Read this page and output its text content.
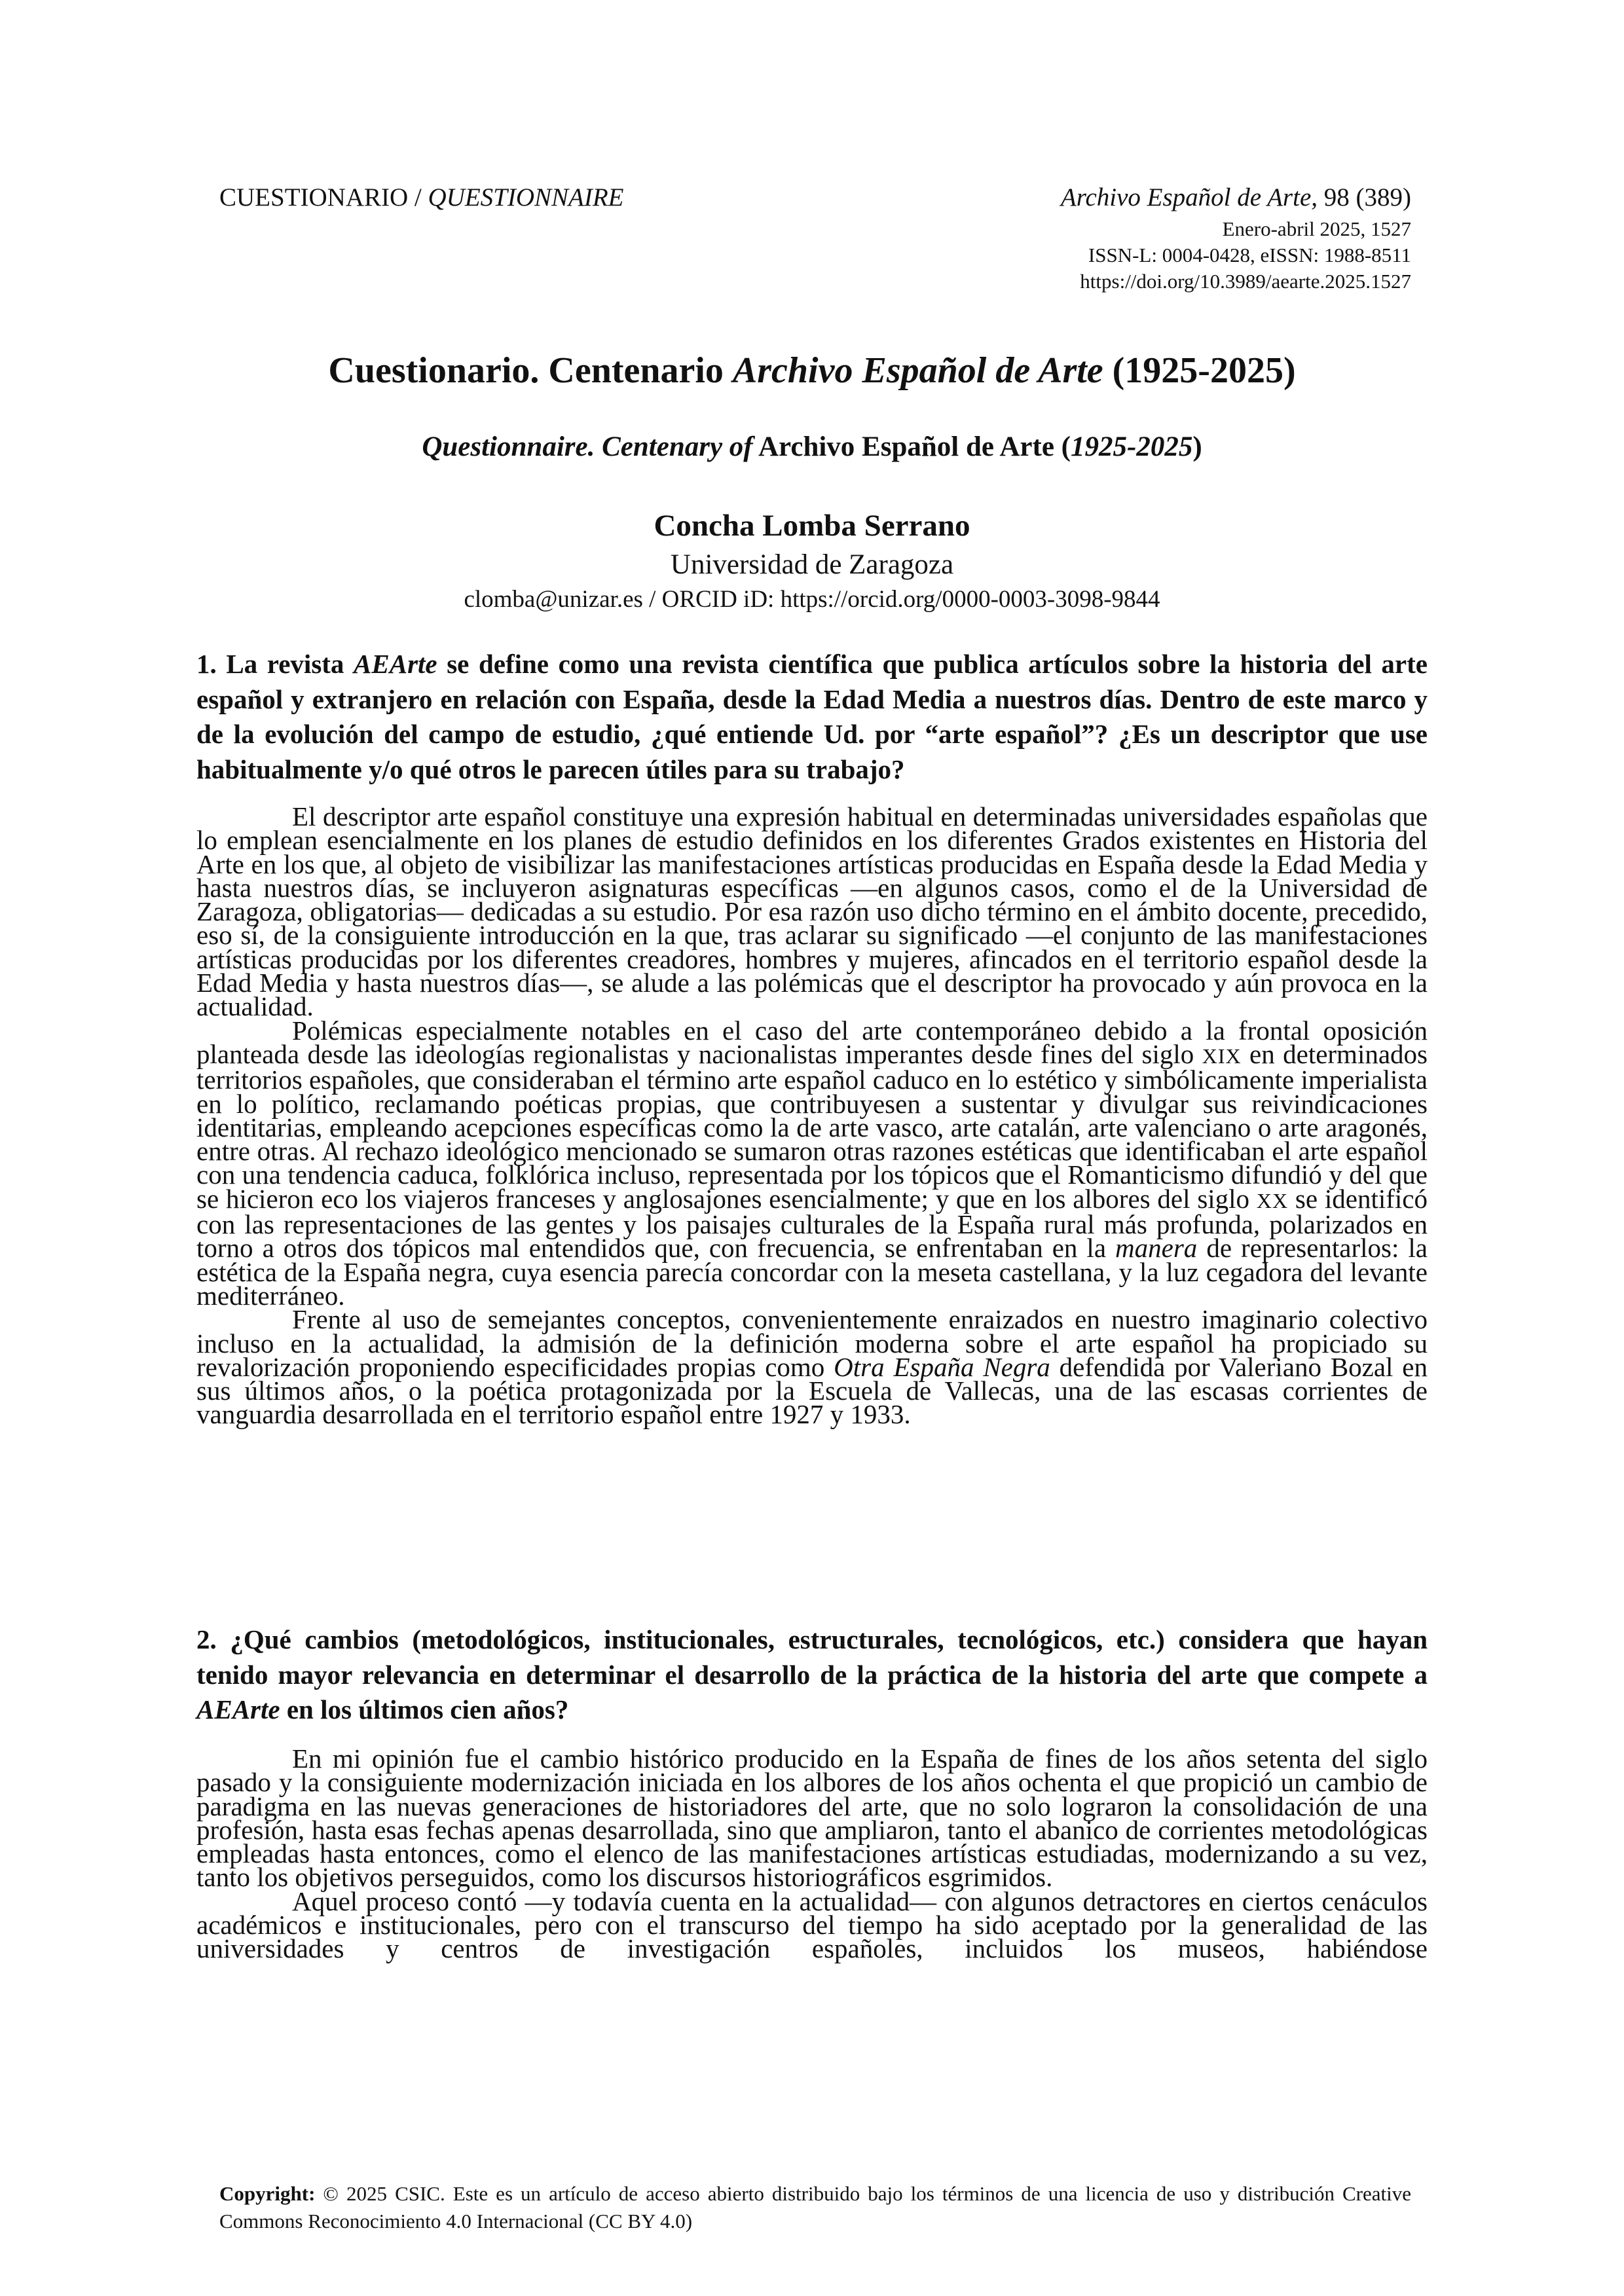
CUESTIONARIO / QUESTIONNAIRE	Archivo Español de Arte, 98 (389)
Enero-abril 2025, 1527
ISSN-L: 0004-0428, eISSN: 1988-8511
https://doi.org/10.3989/aearte.2025.1527
Cuestionario. Centenario Archivo Español de Arte (1925-2025)
Questionnaire. Centenary of Archivo Español de Arte (1925-2025)
Concha Lomba Serrano
Universidad de Zaragoza
clomba@unizar.es / ORCID iD: https://orcid.org/0000-0003-3098-9844
1. La revista AEArte se define como una revista científica que publica artículos sobre la historia del arte español y extranjero en relación con España, desde la Edad Media a nuestros días. Dentro de este marco y de la evolución del campo de estudio, ¿qué entiende Ud. por “arte español”? ¿Es un descriptor que use habitualmente y/o qué otros le parecen útiles para su trabajo?

El descriptor arte español constituye una expresión habitual en determinadas universidades españolas que lo emplean esencialmente en los planes de estudio definidos en los diferentes Grados existentes en Historia del Arte en los que, al objeto de visibilizar las manifestaciones artísticas producidas en España desde la Edad Media y hasta nuestros días, se incluyeron asignaturas específicas —en algunos casos, como el de la Universidad de Zaragoza, obligatorias— dedicadas a su estudio. Por esa razón uso dicho término en el ámbito docente, precedido, eso sí, de la consiguiente introducción en la que, tras aclarar su significado —el conjunto de las manifestaciones artísticas producidas por los diferentes creadores, hombres y mujeres, afincados en el territorio español desde la Edad Media y hasta nuestros días—, se alude a las polémicas que el descriptor ha provocado y aún provoca en la actualidad.

Polémicas especialmente notables en el caso del arte contemporáneo debido a la frontal oposición planteada desde las ideologías regionalistas y nacionalistas imperantes desde fines del siglo XIX en determinados territorios españoles, que consideraban el término arte español caduco en lo estético y simbólicamente imperialista en lo político, reclamando poéticas propias, que contribuyesen a sustentar y divulgar sus reivindicaciones identitarias, empleando acepciones específicas como la de arte vasco, arte catalán, arte valenciano o arte aragonés, entre otras. Al rechazo ideológico mencionado se sumaron otras razones estéticas que identificaban el arte español con una tendencia caduca, folklórica incluso, representada por los tópicos que el Romanticismo difundió y del que se hicieron eco los viajeros franceses y anglosajones esencialmente; y que en los albores del siglo XX se identificó con las representaciones de las gentes y los paisajes culturales de la España rural más profunda, polarizados en torno a otros dos tópicos mal entendidos que, con frecuencia, se enfrentaban en la manera de representarlos: la estética de la España negra, cuya esencia parecía concordar con la meseta castellana, y la luz cegadora del levante mediterráneo.

Frente al uso de semejantes conceptos, convenientemente enraizados en nuestro imaginario colectivo incluso en la actualidad, la admisión de la definición moderna sobre el arte español ha propiciado su revalorización proponiendo especificidades propias como Otra España Negra defendida por Valeriano Bozal en sus últimos años, o la poética protagonizada por la Escuela de Vallecas, una de las escasas corrientes de vanguardia desarrollada en el territorio español entre 1927 y 1933.

2. ¿Qué cambios (metodológicos, institucionales, estructurales, tecnológicos, etc.) considera que hayan tenido mayor relevancia en determinar el desarrollo de la práctica de la historia del arte que compete a AEArte en los últimos cien años?

En mi opinión fue el cambio histórico producido en la España de fines de los años setenta del siglo pasado y la consiguiente modernización iniciada en los albores de los años ochenta el que propició un cambio de paradigma en las nuevas generaciones de historiadores del arte, que no solo lograron la consolidación de una profesión, hasta esas fechas apenas desarrollada, sino que ampliaron, tanto el abanico de corrientes metodológicas empleadas hasta entonces, como el elenco de las manifestaciones artísticas estudiadas, modernizando a su vez, tanto los objetivos perseguidos, como los discursos historiográficos esgrimidos.

Aquel proceso contó —y todavía cuenta en la actualidad— con algunos detractores en ciertos cenáculos académicos e institucionales, pero con el transcurso del tiempo ha sido aceptado por la generalidad de las universidades y centros de investigación españoles, incluidos los museos, habiéndose

Copyright: © 2025 CSIC. Este es un artículo de acceso abierto distribuido bajo los términos de una licencia de uso y distribución Creative Commons Reconocimiento 4.0 Internacional (CC BY 4.0)
